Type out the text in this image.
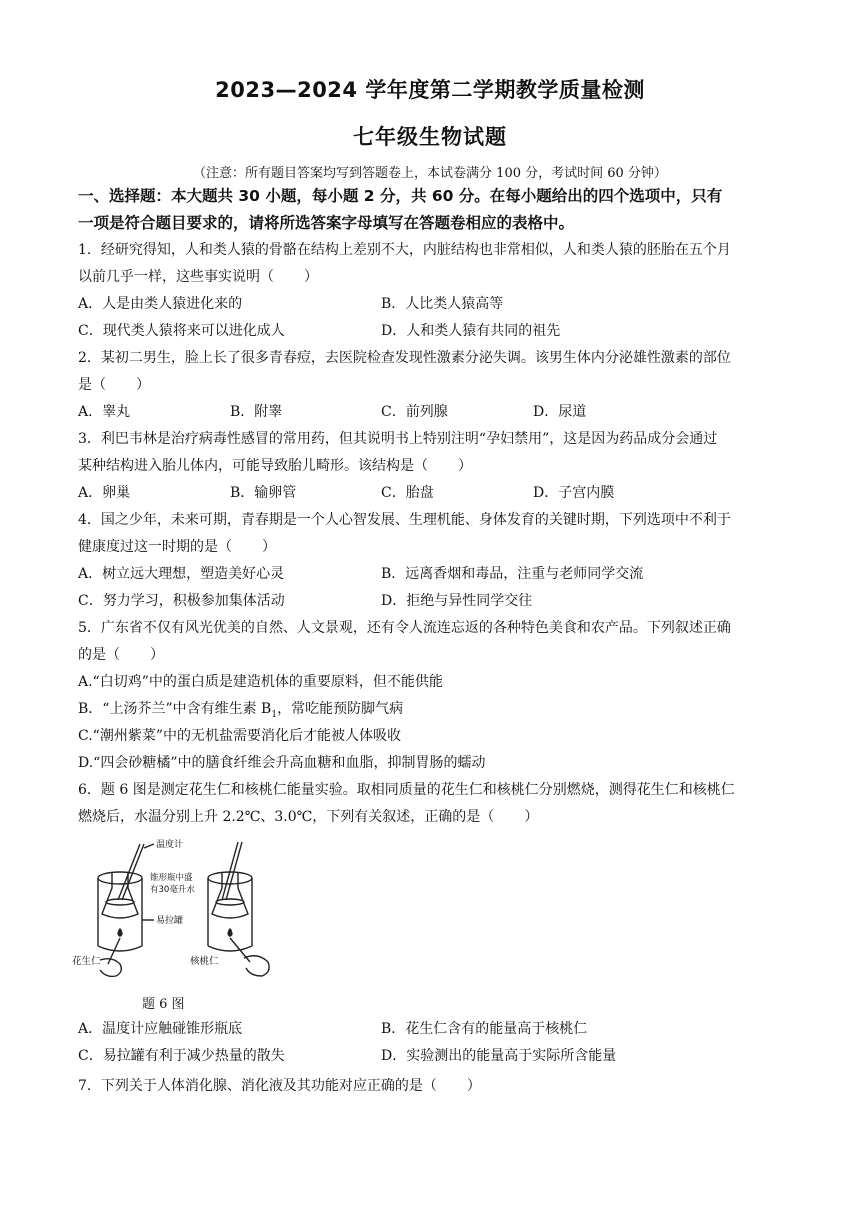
2023—2024 学年度第二学期教学质量检测
七年级生物试题
（注意：所有题目答案均写到答题卷上，本试卷满分 100 分，考试时间 60 分钟）
一、选择题：本大题共 30 小题，每小题 2 分，共 60 分。在每小题给出的四个选项中，只有
一项是符合题目要求的，请将所选答案字母填写在答题卷相应的表格中。
1．经研究得知，人和类人猿的骨骼在结构上差别不大，内脏结构也非常相似，人和类人猿的胚胎在五个月
以前几乎一样，这些事实说明（ ）
A．人是由类人猿进化来的	B．人比类人猿高等
C．现代类人猿将来可以进化成人	D．人和类人猿有共同的祖先
2．某初二男生，脸上长了很多青春痘，去医院检查发现性激素分泌失调。该男生体内分泌雄性激素的部位
是（ ）
A．睾丸	B．附睾	C．前列腺	D．尿道
3．利巴韦林是治疗病毒性感冒的常用药，但其说明书上特别注明“孕妇禁用”，这是因为药品成分会通过
某种结构进入胎儿体内，可能导致胎儿畸形。该结构是（ ）
A．卵巢	B．输卵管	C．胎盘	D．子宫内膜
4．国之少年，未来可期，青春期是一个人心智发展、生理机能、身体发育的关键时期，下列选项中不利于
健康度过这一时期的是（ ）
A．树立远大理想，塑造美好心灵	B．远离香烟和毒品，注重与老师同学交流
C．努力学习，积极参加集体活动	D．拒绝与异性同学交往
5．广东省不仅有风光优美的自然、人文景观，还有令人流连忘返的各种特色美食和农产品。下列叙述正确
的是（ ）
A.“白切鸡”中的蛋白质是建造机体的重要原料，但不能供能
B．“上汤芥兰”中含有维生素 $B_1$，常吃能预防脚气病
C.“潮州紫菜”中的无机盐需要消化后才能被人体吸收
D.“四会砂糖橘”中的膳食纤维会升高血糖和血脂，抑制胃肠的蠕动
6．题 6 图是测定花生仁和核桃仁能量实验。取相同质量的花生仁和核桃仁分别燃烧，测得花生仁和核桃仁
燃烧后，水温分别上升 2.2℃、3.0℃，下列有关叙述，正确的是（ ）
温度计
锥形瓶中盛
有30毫升水
易拉罐
花生仁	核桃仁
题 6 图
A．温度计应触碰锥形瓶底	B．花生仁含有的能量高于核桃仁
C．易拉罐有利于减少热量的散失	D．实验测出的能量高于实际所含能量
7．下列关于人体消化腺、消化液及其功能对应正确的是（ ）
